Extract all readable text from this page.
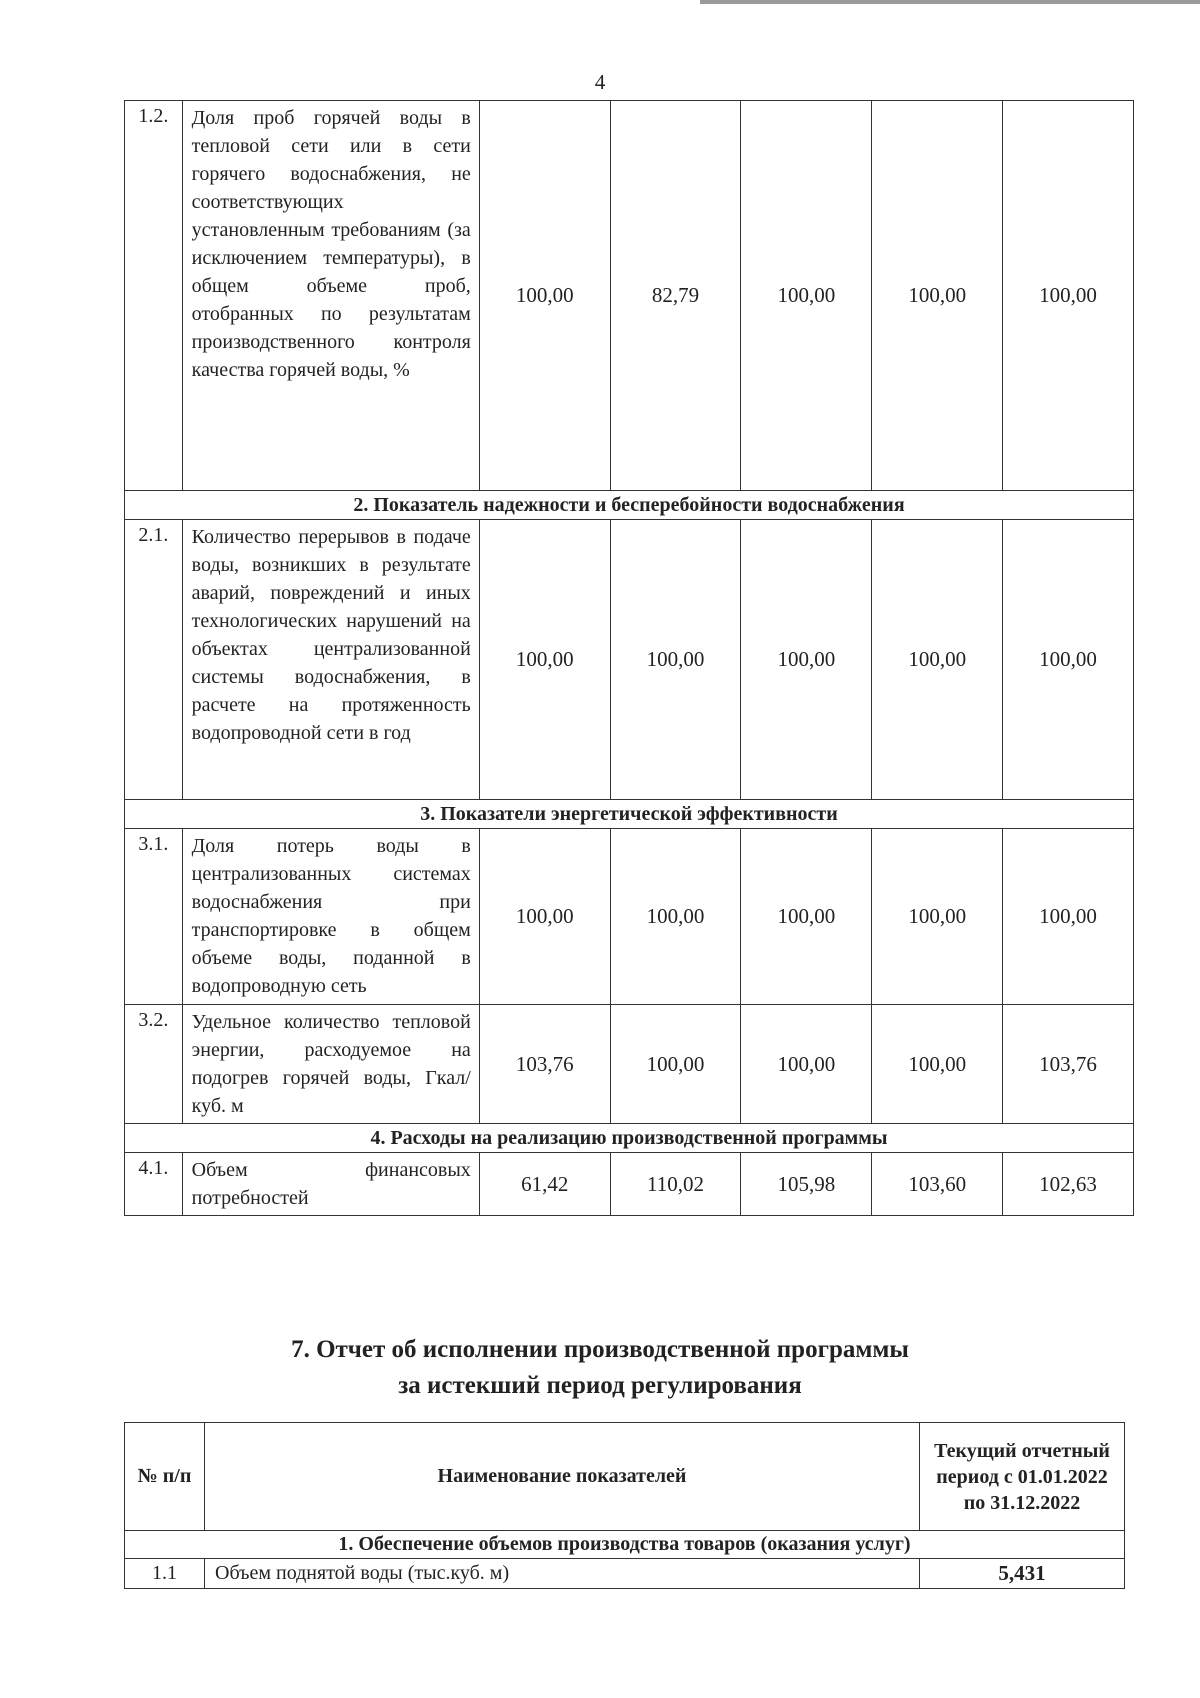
4
1.2.	Доля проб горячей воды в тепловой сети или в сети горячего водоснабжения, не соответствующих установленным требованиям (за исключением температуры), в общем объеме проб, отобранных по результатам производственного контроля качества горячей воды, %	100,00	82,79	100,00	100,00	100,00
2. Показатель надежности и бесперебойности водоснабжения						
2.1.	Количество перерывов в подаче воды, возникших в результате аварий, повреждений и иных технологических нарушений на объектах централизованной системы водоснабжения, в расчете на протяженность водопроводной сети в год	100,00	100,00	100,00	100,00	100,00
3. Показатели энергетической эффективности						
3.1.	Доля потерь воды в централизованных системах водоснабжения при транспортировке в общем объеме воды, поданной в водопроводную сеть	100,00	100,00	100,00	100,00	100,00
3.2.	Удельное количество тепловой энергии, расходуемое на подогрев горячей воды, Гкал/куб. м	103,76	100,00	100,00	100,00	103,76
4. Расходы на реализацию производственной программы						
4.1.	Объем финансовых потребностей	61,42	110,02	105,98	103,60	102,63
7. Отчет об исполнении производственной программы
за истекший период регулирования
№ п/п	Наименование показателей	Текущий отчетный период с 01.01.2022 по 31.12.2022
1. Обеспечение объемов производства товаров (оказания услуг)		
1.1	Объем поднятой воды (тыс.куб. м)	5,431
